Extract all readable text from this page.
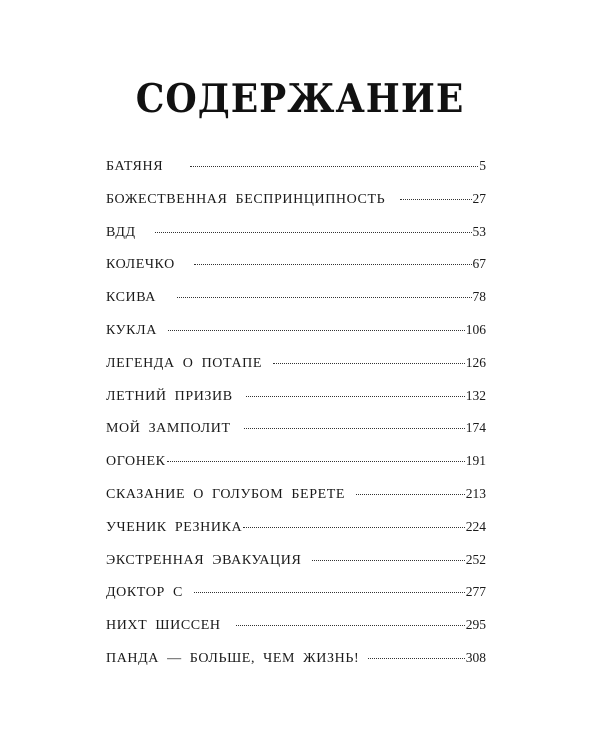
СОДЕРЖАНИЕ
БАТЯНЯ	5
БОЖЕСТВЕННАЯ БЕСПРИНЦИПНОСТЬ	27
ВДД	53
КОЛЕЧКО	67
КСИВА	78
КУКЛА	106
ЛЕГЕНДА О ПОТАПЕ	126
ЛЕТНИЙ ПРИЗИВ	132
МОЙ ЗАМПОЛИТ	174
ОГОНЕК	191
СКАЗАНИЕ О ГОЛУБОМ БЕРЕТЕ	213
УЧЕНИК РЕЗНИКА	224
ЭКСТРЕННАЯ ЭВАКУАЦИЯ	252
ДОКТОР С	277
НИХТ ШИССЕН	295
ПАНДА — БОЛЬШЕ, ЧЕМ ЖИЗНЬ!	308
